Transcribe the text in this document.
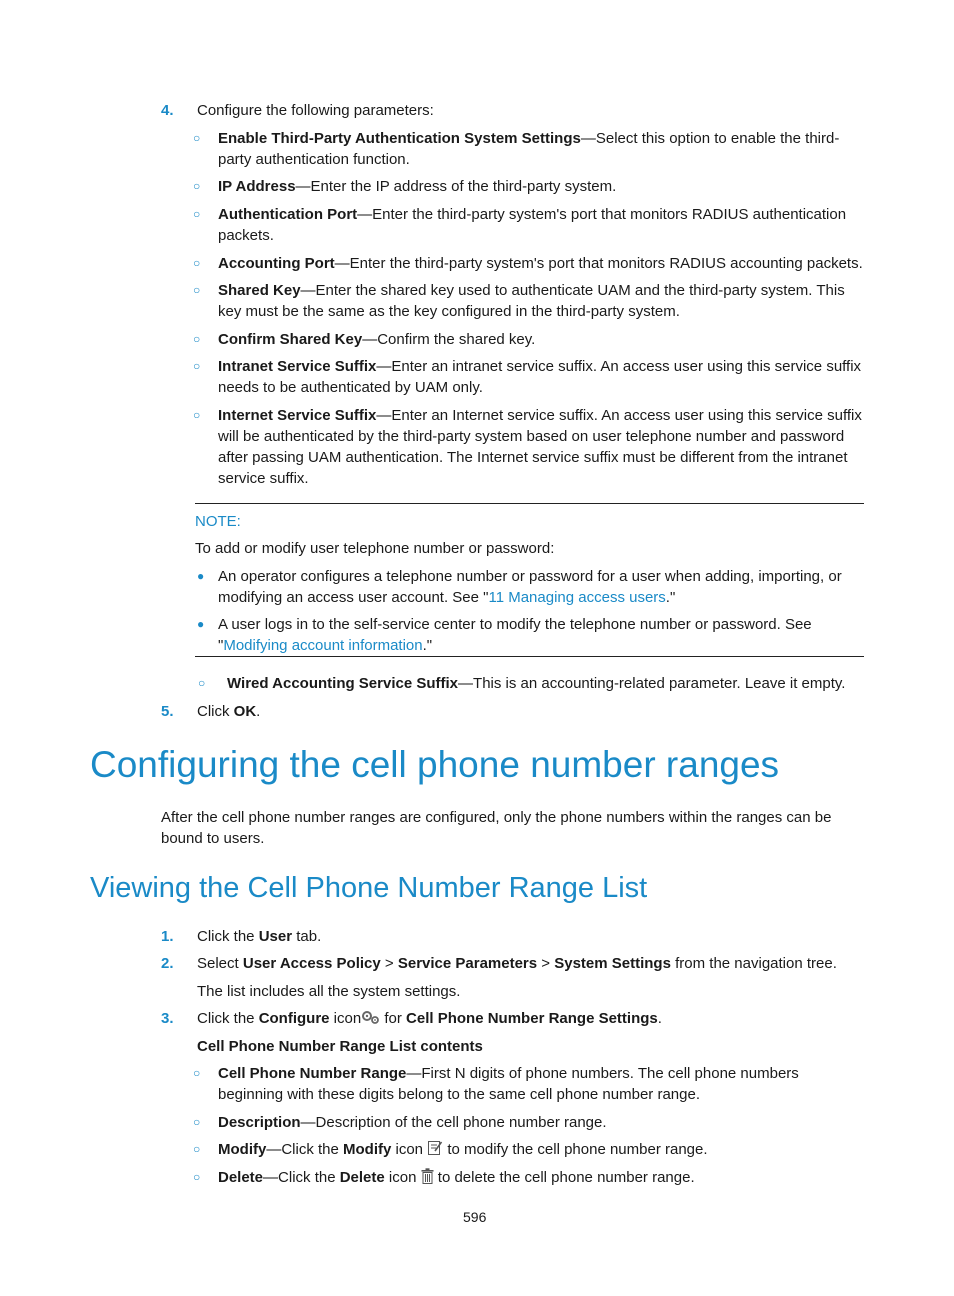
4. Configure the following parameters:
○ Enable Third-Party Authentication System Settings—Select this option to enable the third-party authentication function.
○ IP Address—Enter the IP address of the third-party system.
○ Authentication Port—Enter the third-party system's port that monitors RADIUS authentication packets.
○ Accounting Port—Enter the third-party system's port that monitors RADIUS accounting packets.
○ Shared Key—Enter the shared key used to authenticate UAM and the third-party system. This key must be the same as the key configured in the third-party system.
○ Confirm Shared Key—Confirm the shared key.
○ Intranet Service Suffix—Enter an intranet service suffix. An access user using this service suffix needs to be authenticated by UAM only.
○ Internet Service Suffix—Enter an Internet service suffix. An access user using this service suffix will be authenticated by the third-party system based on user telephone number and password after passing UAM authentication. The Internet service suffix must be different from the intranet service suffix.
NOTE:
To add or modify user telephone number or password:
● An operator configures a telephone number or password for a user when adding, importing, or modifying an access user account. See "11 Managing access users."
● A user logs in to the self-service center to modify the telephone number or password. See "Modifying account information."
○ Wired Accounting Service Suffix—This is an accounting-related parameter. Leave it empty.
5. Click OK.
Configuring the cell phone number ranges
After the cell phone number ranges are configured, only the phone numbers within the ranges can be bound to users.
Viewing the Cell Phone Number Range List
1. Click the User tab.
2. Select User Access Policy > Service Parameters > System Settings from the navigation tree.
The list includes all the system settings.
3. Click the Configure icon for Cell Phone Number Range Settings.
Cell Phone Number Range List contents
○ Cell Phone Number Range—First N digits of phone numbers. The cell phone numbers beginning with these digits belong to the same cell phone number range.
○ Description—Description of the cell phone number range.
○ Modify—Click the Modify icon  to modify the cell phone number range.
○ Delete—Click the Delete icon  to delete the cell phone number range.
596
